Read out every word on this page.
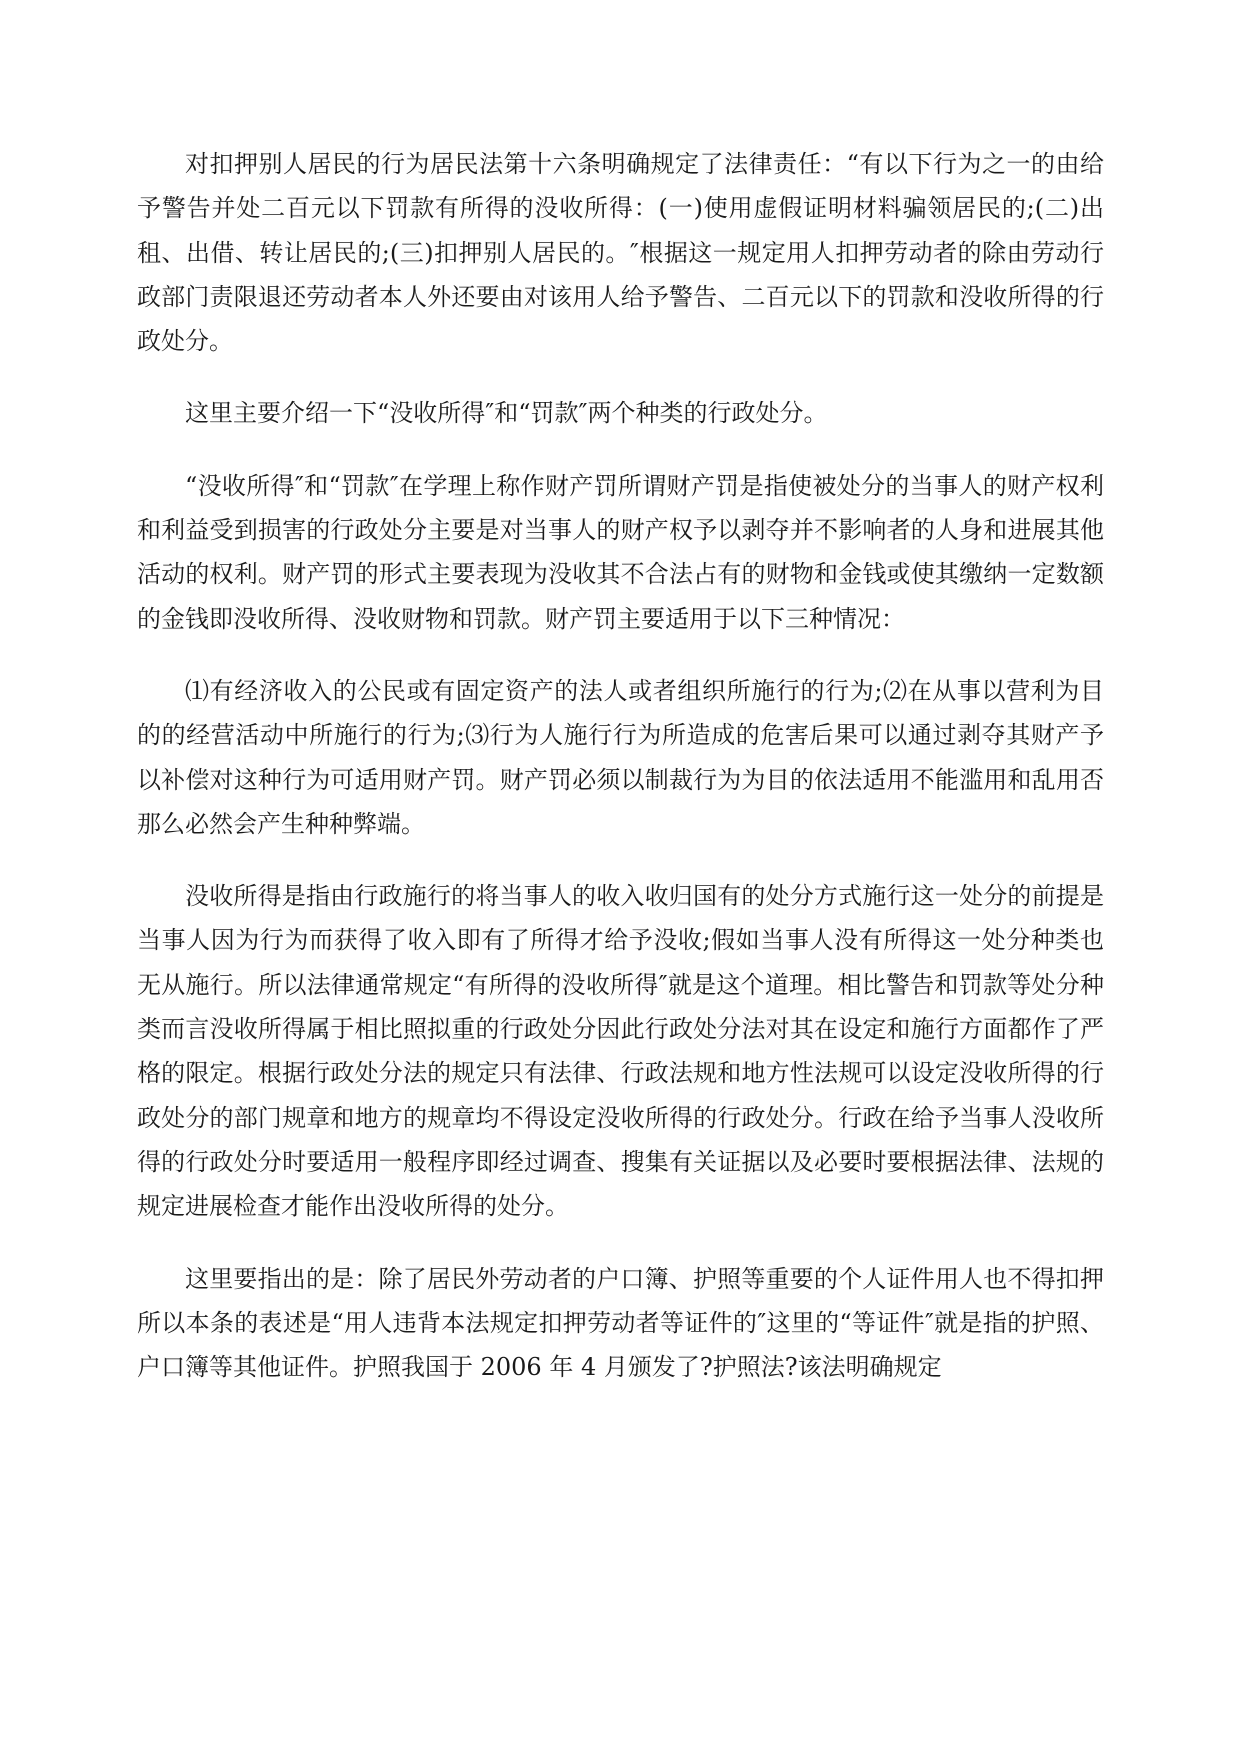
对扣押别人居民的行为居民法第十六条明确规定了法律责任：“有以下行为之一的由给予警告并处二百元以下罚款有所得的没收所得：(一)使用虚假证明材料骗领居民的;(二)出租、出借、转让居民的;(三)扣押别人居民的。″根据这一规定用人扣押劳动者的除由劳动行政部门责限退还劳动者本人外还要由对该用人给予警告、二百元以下的罚款和没收所得的行政处分。

这里主要介绍一下“没收所得″和“罚款″两个种类的行政处分。

“没收所得″和“罚款″在学理上称作财产罚所谓财产罚是指使被处分的当事人的财产权利和利益受到损害的行政处分主要是对当事人的财产权予以剥夺并不影响者的人身和进展其他活动的权利。财产罚的形式主要表现为没收其不合法占有的财物和金钱或使其缴纳一定数额的金钱即没收所得、没收财物和罚款。财产罚主要适用于以下三种情况：

⑴有经济收入的公民或有固定资产的法人或者组织所施行的行为;⑵在从事以营利为目的的经营活动中所施行的行为;⑶行为人施行行为所造成的危害后果可以通过剥夺其财产予以补偿对这种行为可适用财产罚。财产罚必须以制裁行为为目的依法适用不能滥用和乱用否那么必然会产生种种弊端。

没收所得是指由行政施行的将当事人的收入收归国有的处分方式施行这一处分的前提是当事人因为行为而获得了收入即有了所得才给予没收;假如当事人没有所得这一处分种类也无从施行。所以法律通常规定“有所得的没收所得″就是这个道理。相比警告和罚款等处分种类而言没收所得属于相比照拟重的行政处分因此行政处分法对其在设定和施行方面都作了严格的限定。根据行政处分法的规定只有法律、行政法规和地方性法规可以设定没收所得的行政处分的部门规章和地方的规章均不得设定没收所得的行政处分。行政在给予当事人没收所得的行政处分时要适用一般程序即经过调查、搜集有关证据以及必要时要根据法律、法规的规定进展检查才能作出没收所得的处分。

这里要指出的是：除了居民外劳动者的户口簿、护照等重要的个人证件用人也不得扣押所以本条的表述是“用人违背本法规定扣押劳动者等证件的″这里的“等证件″就是指的护照、户口簿等其他证件。护照我国于 2006 年 4 月颁发了?护照法?该法明确规定
